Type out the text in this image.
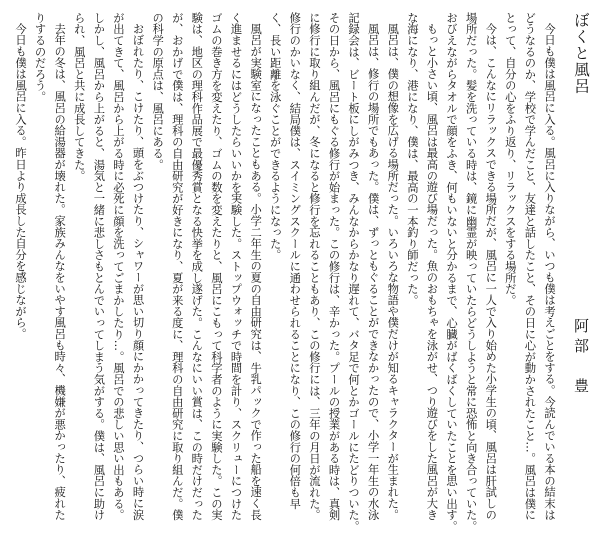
ぼくと風呂
阿部　豊
今日も僕は風呂に入る。風呂に入りながら、いつも僕は考えごとをする。今読んでいる本の結末は
どうなるのか、学校で学んだこと、友達と話したこと、その日に心が動かされたこと…。風呂は僕に
とって、自分の心をふり返り、リラックスをする場所だ。
今は、こんなにリラックスできる場所だが、風呂に一人で入り始めた小学生の頃、風呂は肝試しの
場所だった。髪を洗っている時は、鏡に幽霊が映っていたらどうしようと常に恐怖と向き合っていた。
おびえながらタオルで顔をふき、何もいないと分かるまで、心臓がばくばくしていたことを思い出す。
もっと小さい頃、風呂は最高の遊び場だった。魚のおもちゃを泳がせ、つり遊びをした風呂が大き
な海になり、港になり、僕は、最高の一本釣り師だった。
風呂は、僕の想像を広げる場所だった。いろいろな物語や僕だけが知るキャラクターが生まれた。
風呂は、修行の場所でもあった。僕は、ずっともぐることができなかったので、小学一年生の水泳
記録会は、ビート板にしがみつき、みんなからかなり遅れて、バタ足で何とかゴールにたどりついた。
その日から、風呂にもぐる修行が始まった。この修行は、辛かった。プールの授業がある時は、真剣
に修行に取り組んだが、冬になると修行を忘れることもあり、この修行には、三年の月日が流れた。
修行のかいなく、結局僕は、スイミングスクールに通わせられることになり、この修行の何倍も早
く、長い距離を泳ぐことができるようになった。
風呂が実験室になったこともある。小学二年生の夏の自由研究は、牛乳パックで作った船を速く長
く進ませるにはどうしたらいいかを実験した。ストップウォッチで時間を計り、スクリューにつけた
ゴムの巻き方を変えたり、ゴムの数を変えたりと、風呂にこもって科学者のように実験した。この実
験は、地区の理科作品展で最優秀賞となる快挙を成し遂げた。こんなにいい賞は、この時だけだった
が、おかげで僕は、理科の自由研究が好きになり、夏が来る度に、理科の自由研究に取り組んだ。僕
の科学の原点は、風呂にある。
おぼれたり、こけたり、頭をぶつけたり、シャワーが思い切り顔にかかってきたり、つらい時に涙
が出てきて、風呂から上がる時に必死に顔を洗ってごまかしたり…。風呂での悲しい思い出もある。
しかし、風呂から上がると、湯気と一緒に悲しさもとんでいってしまう気がする。僕は、風呂に助け
られ、風呂と共に成長してきた。
去年の冬は、風呂の給湯器が壊れた。家族みんなをいやす風呂も時々、機嫌が悪かったり、疲れた
りするのだろう。
今日も僕は風呂に入る。昨日より成長した自分を感じながら。
